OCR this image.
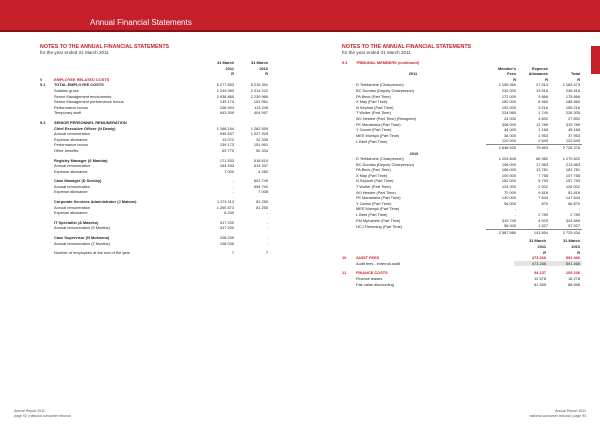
Annual Financial Statements
NOTES TO THE ANNUAL FINANCIAL STATEMENTS
for the year ended 31 March 2011
	31 March	31 March
	2011	2010
	R	R
9 EMPLOYEE RELATED COSTS		
9.1 TOTAL EMPLOYEE COSTS	5 277 853	5 215 391
Salaries gross	1 249 083	2 314 222
Senior Management emoluments	2 938 860	2 230 966
Senior Management performance bonus	139 173	151 961
Performance bonus	106 494	113 245
Temporary staff	943 309	404 997

9.2 SENIOR PERSONNEL REMUNERATION		
Chief Executive Officer (N Dewly)	1 168 154	1 262 559
Annual remuneration	945 637	1 027 929
Expense allowance	13 072	32 335
Performance bonus	139 173	151 961
Other benefits	69 770	50 334

Registry Manager (S Mamba)	171 533	518 619
Annual remuneration	164 533	514 337
Expense allowance	7 000	4 282

Case Manager (D Soroby)	-	601 749
Annual remuneration	-	594 741
Expense allowance	-	7 008

Corporate Services Administrator (J Malone)	1 274 113	81 250
Annual remuneration	1 265 873	81 250
Expense allowance	8 240	-

IT Specialist (A Maseko)	317 200	-
Annual remuneration (9 Months)	317 200	-

Case Supervisor (N Mokoena)	108 035	-
Annual remuneration (2 Months)	108 035	-

Number of employees at the end of the year	7	7
NOTES TO THE ANNUAL FINANCIAL STATEMENTS
for the year ended 31 March 2011
9.3 TRIBUNAL MEMBERS (continued)			
	Member's	Expense	
2011	Fees	Allowance	Total
	R	R	R
D Terblanche (Chairperson)	1 155 960	27 513	1 183 473
BC Dumisa (Deputy Chairperson)	232 000	13 516	245 516
PA Beck (Part Time)	172 000	3 866	175 866
X May (Part Time)	180 000	8 560	188 560
N Sephoti (Part Time)	152 000	3 216	155 216
T Wolter (Part Time)	224 565	1 740	226 305
WJ Hesterr (Part Time) (Resigned)	24 000	3 892	27 892
FK Manamela (Part Time)	308 000	11 789	319 789
Y Camm (Part Time)	44 000	1 168	45 168
MEE Murwyk (Part Time)	36 000	1 953	37 953
L Beet (Part Time)	120 000	2 640	122 640
	2 648 525	79 853	2 728 378
2010			
D Terblanche (Chairperson)	1 203 840	66 982	1 270 822
BC Dumisa (Deputy Chairperson)	196 000	17 983	213 983
PA Beck (Part Time)	168 000	13 781	181 781
X May (Part Time)	100 000	7 758	107 758
N Sephoti (Part Time)	152 000	5 793	157 793
T Wolter (Part Time)	124 000	2 002	126 002
WJ Hesterr (Part Time)	72 000	9 818	81 818
FK Manamela (Part Time)	140 000	7 644	147 644
Y Camm (Part Time)	56 000	870	56 870
MEE Murwyk (Part Time)	-	-	-
L Beet (Part Time)	-	2 789	2 789
EM Mphahele (Part Time)	319 740	4 929	324 669
HCJ Flemming (Part Time)	56 000	1 527	57 527
	2 587 580	141 854	2 729 434
	31 March	31 March
	2011	2010
	R	R
10 AUDIT FEES	473 266	591 466
Audit fees - external audit	473 266	591 466

11 FINANCE COSTS	94 137	105 236
Finance leases	12 578	16 278
Fair value discounting	81 559	88 958
Annual Report 2011
page 92 | national consumer tribunal
Annual Report 2011
national consumer tribunal | page 93
